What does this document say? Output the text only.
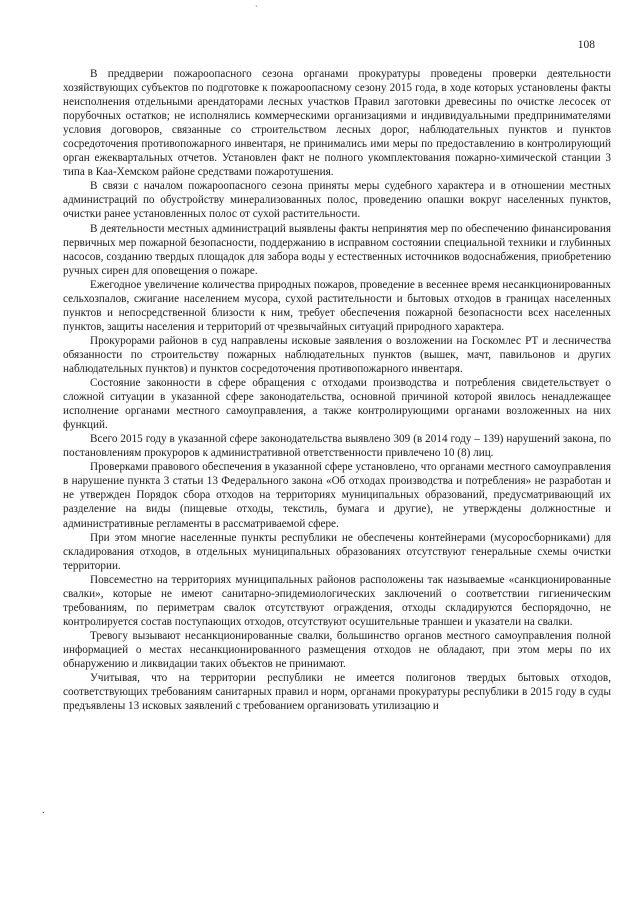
`
108

В преддверии пожароопасного сезона органами прокуратуры проведены проверки деятельности хозяйствующих субъектов по подготовке к пожароопасному сезону 2015 года, в ходе которых установлены факты неисполнения отдельными арендаторами лесных участков Правил заготовки древесины по очистке лесосек от порубочных остатков; не исполнялись коммерческими организациями и индивидуальными предпринимателями условия договоров, связанные со строительством лесных дорог, наблюдательных пунктов и пунктов сосредоточения противопожарного инвентаря, не принимались ими меры по предоставлению в контролирующий орган ежеквартальных отчетов. Установлен факт не полного укомплектования пожарно-химической станции 3 типа в Каа-Хемском районе средствами пожаротушения.

В связи с началом пожароопасного сезона приняты меры судебного характера и в отношении местных администраций по обустройству минерализованных полос, проведению опашки вокруг населенных пунктов, очистки ранее установленных полос от сухой растительности.

В деятельности местных администраций выявлены факты непринятия мер по обеспечению финансирования первичных мер пожарной безопасности, поддержанию в исправном состоянии специальной техники и глубинных насосов, созданию твердых площадок для забора воды у естественных источников водоснабжения, приобретению ручных сирен для оповещения о пожаре.

Ежегодное увеличение количества природных пожаров, проведение в весеннее время несанкционированных сельхозпалов, сжигание населением мусора, сухой растительности и бытовых отходов в границах населенных пунктов и непосредственной близости к ним, требует обеспечения пожарной безопасности всех населенных пунктов, защиты населения и территорий от чрезвычайных ситуаций природного характера.

Прокурорами районов в суд направлены исковые заявления о возложении на Госкомлес РТ и лесничества обязанности по строительству пожарных наблюдательных пунктов (вышек, мачт, павильонов и других наблюдательных пунктов) и пунктов сосредоточения противопожарного инвентаря.

Состояние законности в сфере обращения с отходами производства и потребления свидетельствует о сложной ситуации в указанной сфере законодательства, основной причиной которой явилось ненадлежащее исполнение органами местного самоуправления, а также контролирующими органами возложенных на них функций.

Всего 2015 году в указанной сфере законодательства выявлено 309 (в 2014 году – 139) нарушений закона, по постановлениям прокуроров к административной ответственности привлечено 10 (8) лиц.

Проверками правового обеспечения в указанной сфере установлено, что органами местного самоуправления в нарушение пункта 3 статьи 13 Федерального закона «Об отходах производства и потребления» не разработан и не утвержден Порядок сбора отходов на территориях муниципальных образований, предусматривающий их разделение на виды (пищевые отходы, текстиль, бумага и другие), не утверждены должностные и административные регламенты в рассматриваемой сфере.

При этом многие населенные пункты республики не обеспечены контейнерами (мусоросборниками) для складирования отходов, в отдельных муниципальных образованиях отсутствуют генеральные схемы очистки территории.

Повсеместно на территориях муниципальных районов расположены так называемые «санкционированные свалки», которые не имеют санитарно-эпидемиологических заключений о соответствии гигиеническим требованиям, по периметрам свалок отсутствуют ограждения, отходы складируются беспорядочно, не контролируется состав поступающих отходов, отсутствуют осушительные траншеи и указатели на свалки.

Тревогу вызывают несанкционированные свалки, большинство органов местного самоуправления полной информацией о местах несанкционированного размещения отходов не обладают, при этом меры по их обнаружению и ликвидации таких объектов не принимают.

Учитывая, что на территории республики не имеется полигонов твердых бытовых отходов, соответствующих требованиям санитарных правил и норм, органами прокуратуры республики в 2015 году в суды предъявлены 13 исковых заявлений с требованием организовать утилизацию и

.
